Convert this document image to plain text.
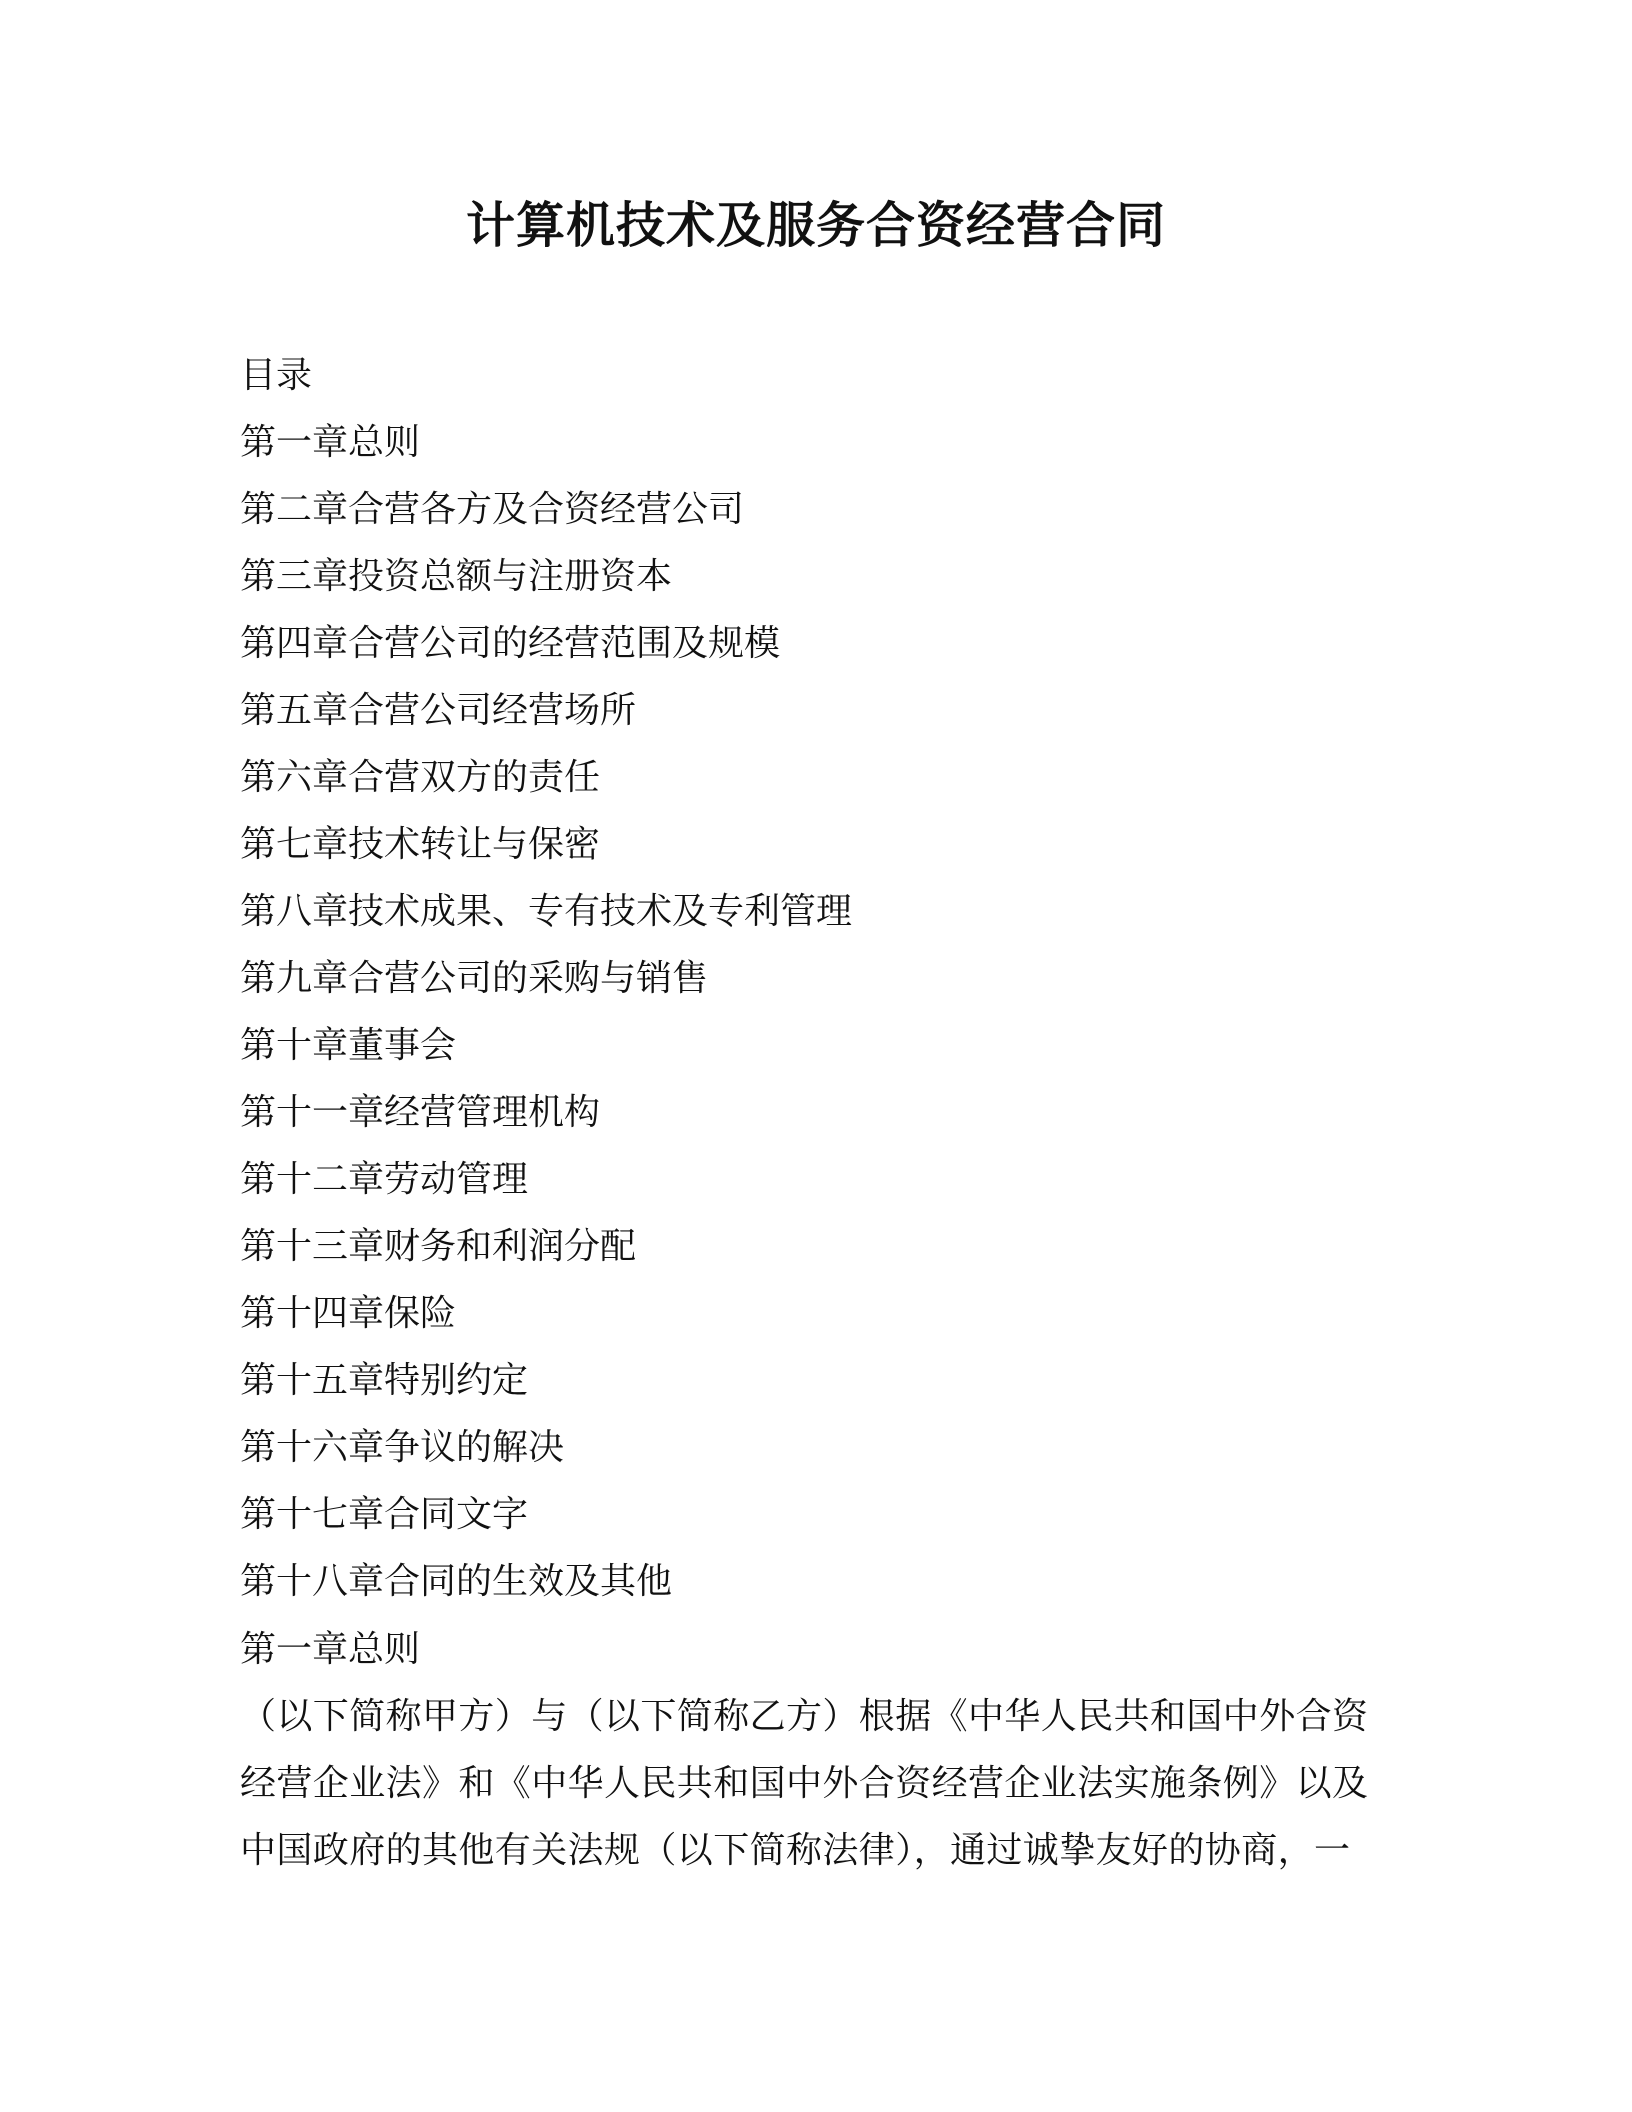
计算机技术及服务合资经营合同
目录
第一章总则
第二章合营各方及合资经营公司
第三章投资总额与注册资本
第四章合营公司的经营范围及规模
第五章合营公司经营场所
第六章合营双方的责任
第七章技术转让与保密
第八章技术成果、专有技术及专利管理
第九章合营公司的采购与销售
第十章董事会
第十一章经营管理机构
第十二章劳动管理
第十三章财务和利润分配
第十四章保险
第十五章特别约定
第十六章争议的解决
第十七章合同文字
第十八章合同的生效及其他
第一章总则
（以下简称甲方）与（以下简称乙方）根据《中华人民共和国中外合资
经营企业法》和《中华人民共和国中外合资经营企业法实施条例》以及
中国政府的其他有关法规（以下简称法律），通过诚挚友好的协商，一
